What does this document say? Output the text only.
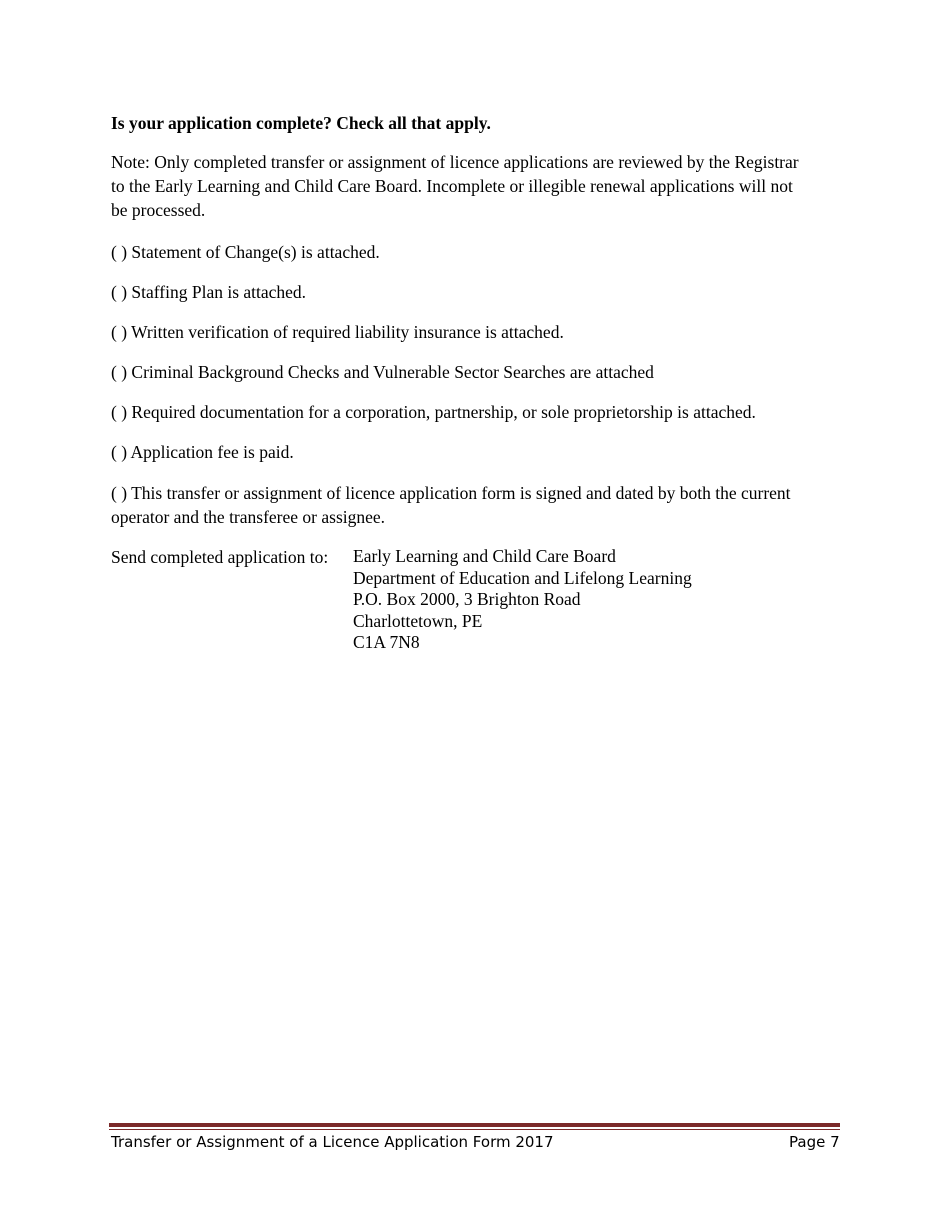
Is your application complete? Check all that apply.
Note: Only completed transfer or assignment of licence applications are reviewed by the Registrar to the Early Learning and Child Care Board. Incomplete or illegible renewal applications will not be processed.
( ) Statement of Change(s) is attached.
( ) Staffing Plan is attached.
( ) Written verification of required liability insurance is attached.
( ) Criminal Background Checks and Vulnerable Sector Searches are attached
( ) Required documentation for a corporation, partnership, or sole proprietorship is attached.
( ) Application fee is paid.
( ) This transfer or assignment of licence application form is signed and dated by both the current operator and the transferee or assignee.
Send completed application to: Early Learning and Child Care Board
Department of Education and Lifelong Learning
P.O. Box 2000, 3 Brighton Road
Charlottetown, PE
C1A 7N8
Transfer or Assignment of a Licence Application Form 2017	Page 7
